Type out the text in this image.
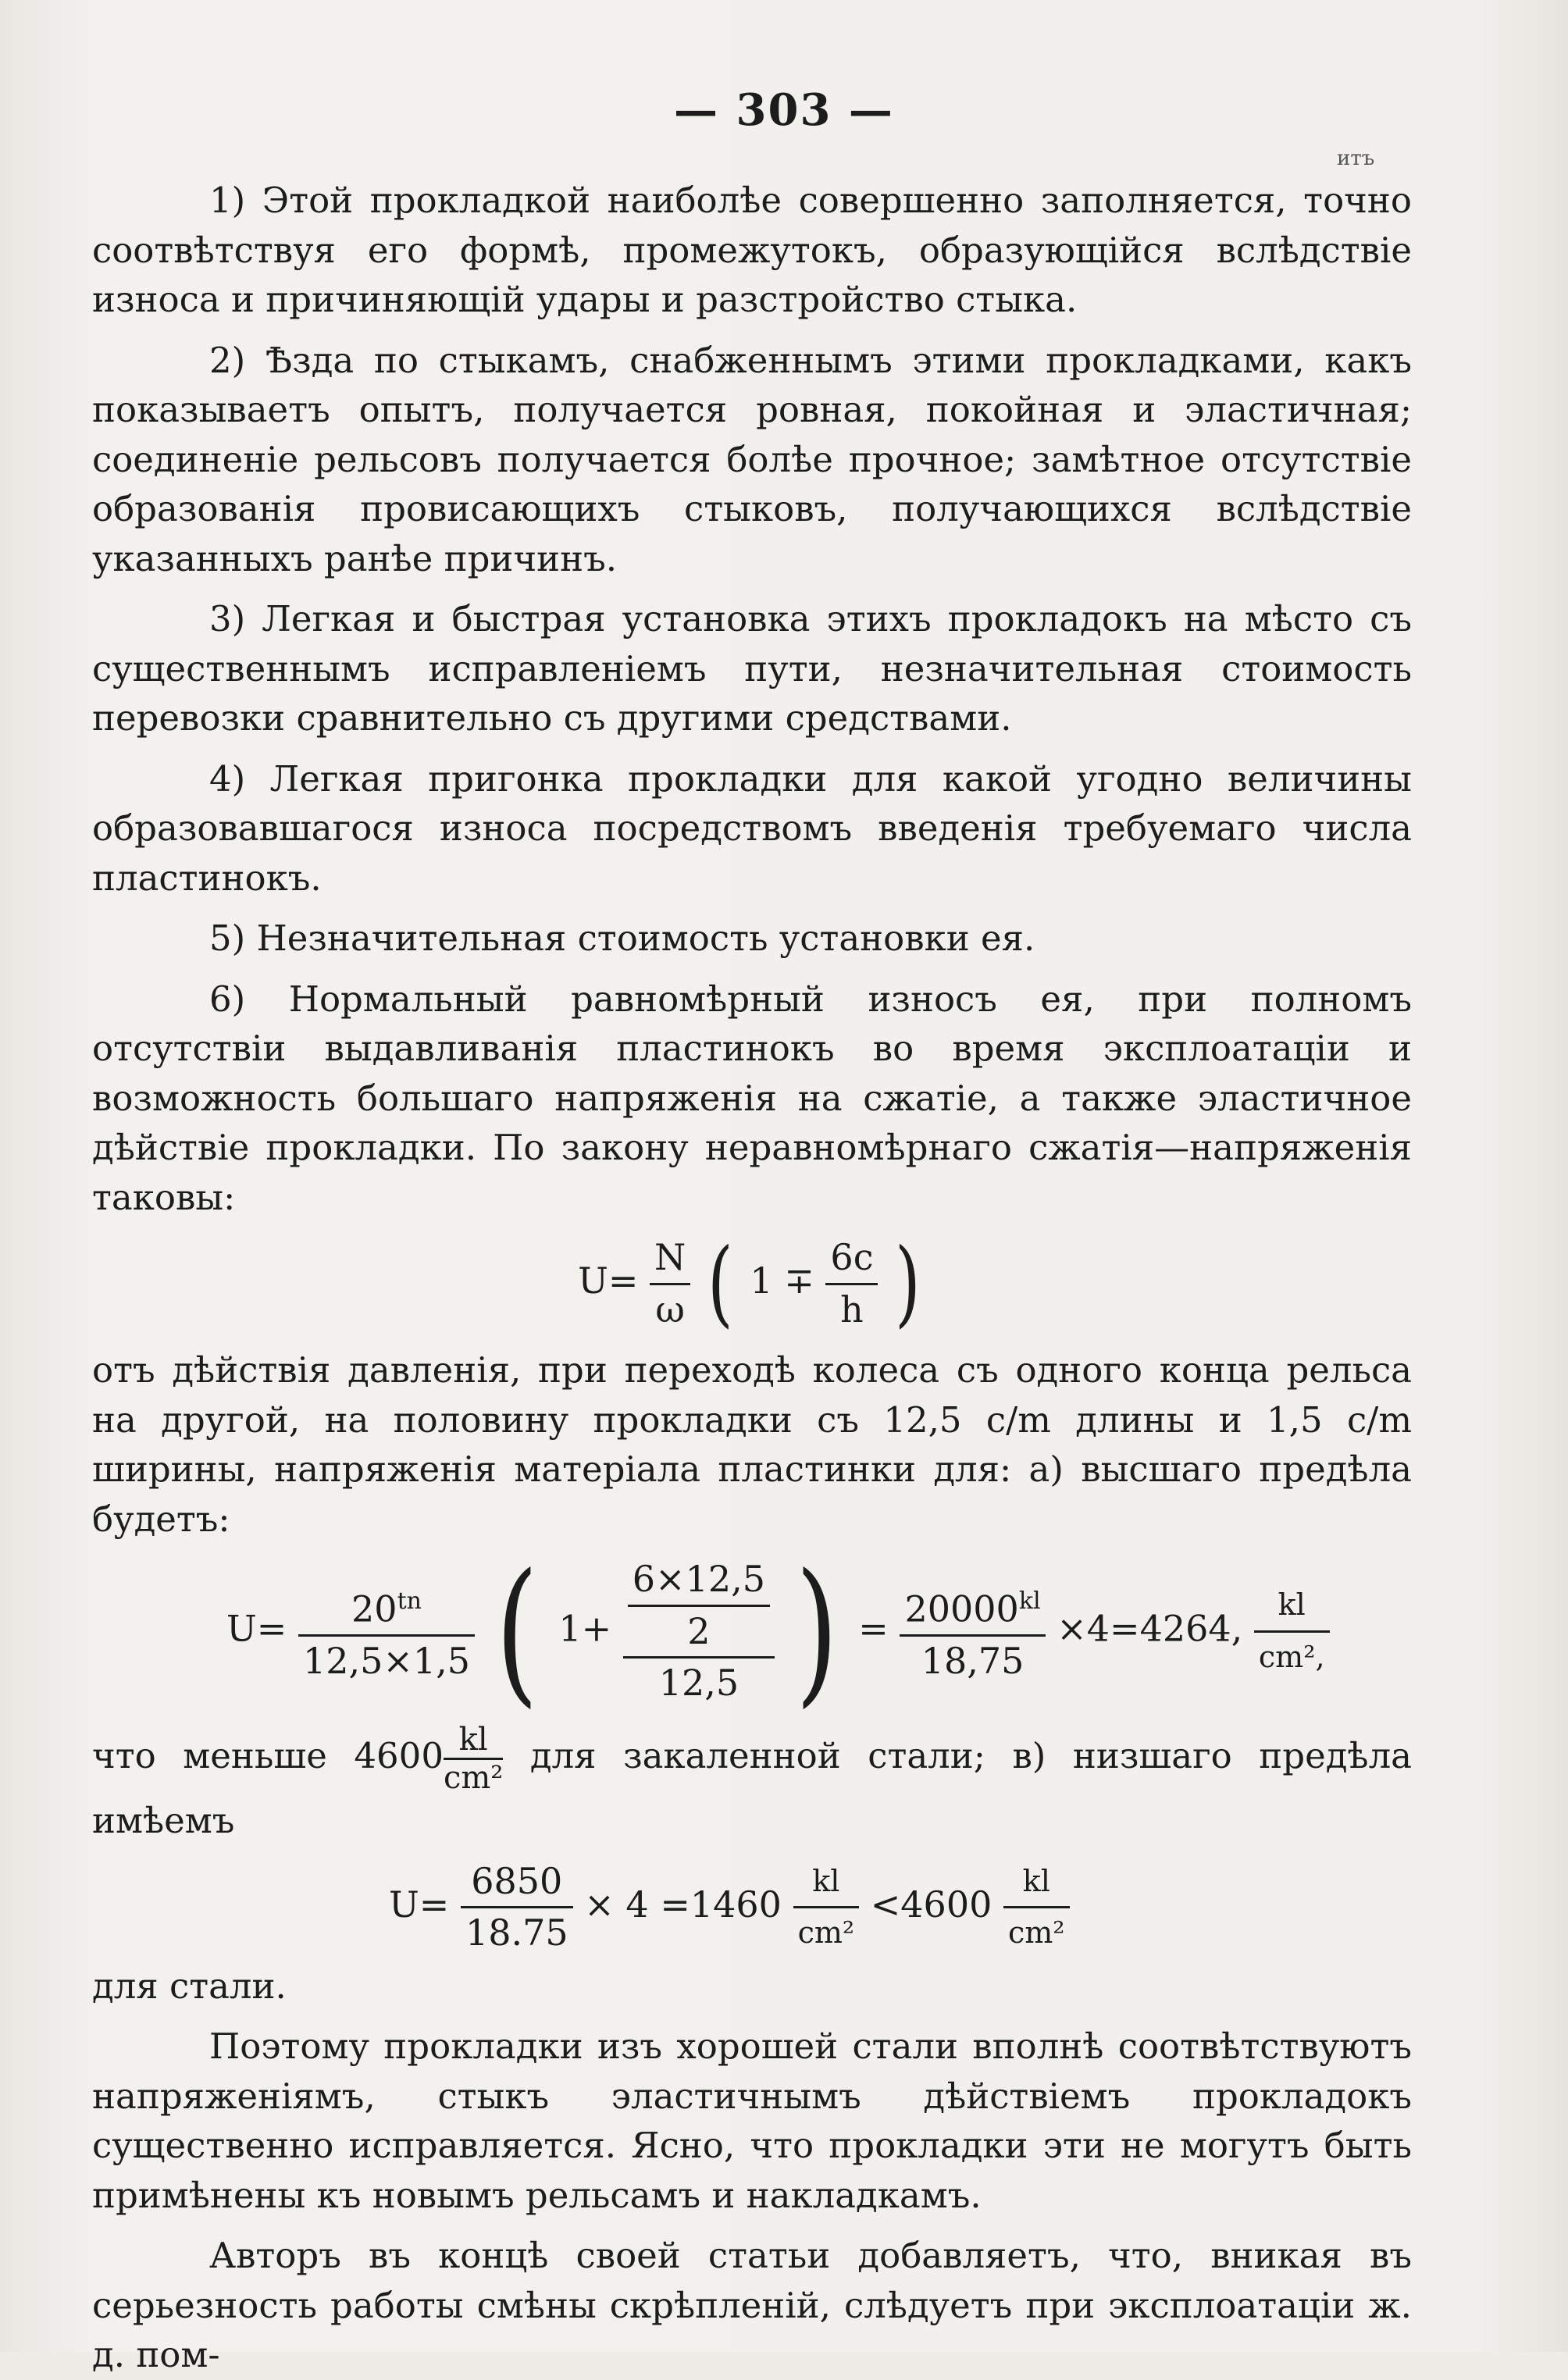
— 303 —
итъ

1) Этой прокладкой наиболѣе совершенно заполняется, точно соотвѣтствуя его формѣ, промежутокъ, образующійся вслѣдствіе износа и причиняющій удары и разстройство стыка.

2) Ѣзда по стыкамъ, снабженнымъ этими прокладками, какъ показываетъ опытъ, получается ровная, покойная и эластичная; соединеніе рельсовъ получается болѣе прочное; замѣтное отсутствіе образованія провисающихъ стыковъ, получающихся вслѣдствіе указанныхъ ранѣе причинъ.

3) Легкая и быстрая установка этихъ прокладокъ на мѣсто съ существеннымъ исправленіемъ пути, незначительная стоимость перевозки сравнительно съ другими средствами.

4) Легкая пригонка прокладки для какой угодно величины образовавшагося износа посредствомъ введенія требуемаго числа пластинокъ.

5) Незначительная стоимость установки ея.

6) Нормальный равномѣрный износъ ея, при полномъ отсутствіи выдавливанія пластинокъ во время эксплоатаціи и возможность большаго напряженія на сжатіе, а также эластичное дѣйствіе прокладки. По закону неравномѣрнаго сжатія—напряженія таковы:

$U= \frac{N}{\omega}$ ( $1 \mp \frac{6c}{h}$ )

отъ дѣйствія давленія, при переходѣ колеса съ одного конца рельса на другой, на половину прокладки съ 12,5 c/m длины и 1,5 c/m ширины, напряженія матеріала пластинки для: а) высшаго предѣла будетъ:

$U= \frac{20^{tn}}{12,5\times 1,5}$ ( $1+ \frac{\frac{6\times 12,5}{2}}{12,5}$ ) = $\frac{20000^{kl}}{18,75} \times 4=4264$, $\frac{kl}{\text{cm²,}}$

что меньше $4600 \frac{kl}{\text{cm²}}$ для закаленной стали; в) низшаго предѣла имѣемъ

$U= \frac{6850}{18.75} \times 4 =1460 \frac{kl}{\text{cm²}} <4600 \frac{kl}{\text{cm²}}$

для стали.

Поэтому прокладки изъ хорошей стали вполнѣ соотвѣтствуютъ напряженіямъ, стыкъ эластичнымъ дѣйствіемъ прокладокъ существенно исправляется. Ясно, что прокладки эти не могутъ быть примѣнены къ новымъ рельсамъ и накладкамъ.

Авторъ въ концѣ своей статьи добавляетъ, что, вникая въ серьезность работы смѣны скрѣпленій, слѣдуетъ при эксплоатаціи ж. д. пом-
